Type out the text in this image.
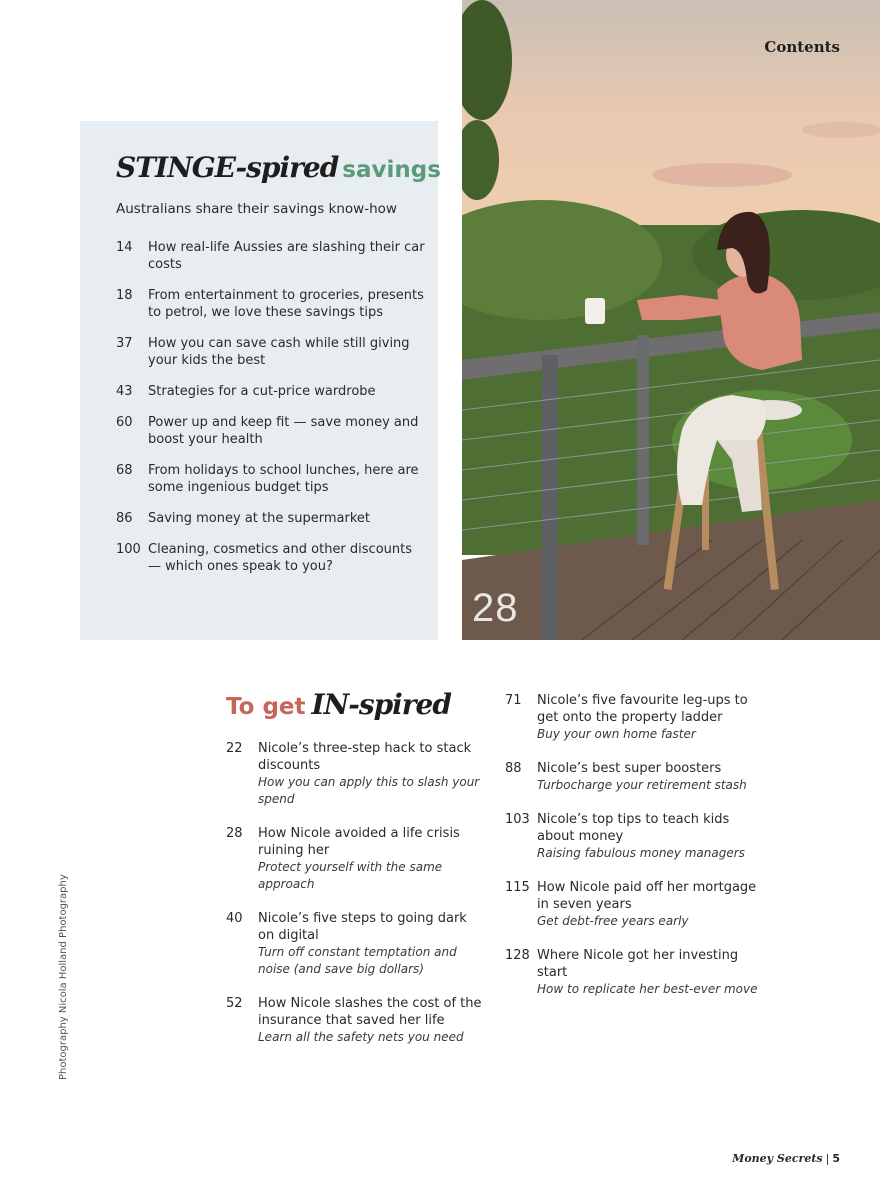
Contents
28
STINGE-spired savings
Australians share their savings know-how
14	How real-life Aussies are slashing their car costs
18	From entertainment to groceries, presents to petrol, we love these savings tips
37	How you can save cash while still giving your kids the best
43	Strategies for a cut-price wardrobe
60	Power up and keep fit — save money and boost your health
68	From holidays to school lunches, here are some ingenious budget tips
86	Saving money at the supermarket
100 Cleaning, cosmetics and other discounts — which ones speak to you?
To get IN-spired
22	Nicole’s three-step hack to stack discounts
How you can apply this to slash your spend
28	How Nicole avoided a life crisis ruining her
Protect yourself with the same approach
40	Nicole’s five steps to going dark on digital
Turn off constant temptation and noise (and save big dollars)
52	How Nicole slashes the cost of the insurance that saved her life
Learn all the safety nets you need
71	Nicole’s five favourite leg-ups to get onto the property ladder
Buy your own home faster
88	Nicole’s best super boosters
Turbocharge your retirement stash
103 Nicole’s top tips to teach kids about money
Raising fabulous money managers
115 How Nicole paid off her mortgage in seven years
Get debt-free years early
128 Where Nicole got her investing start
How to replicate her best-ever move
Photography Nicola Holland Photography
Money Secrets | 5
